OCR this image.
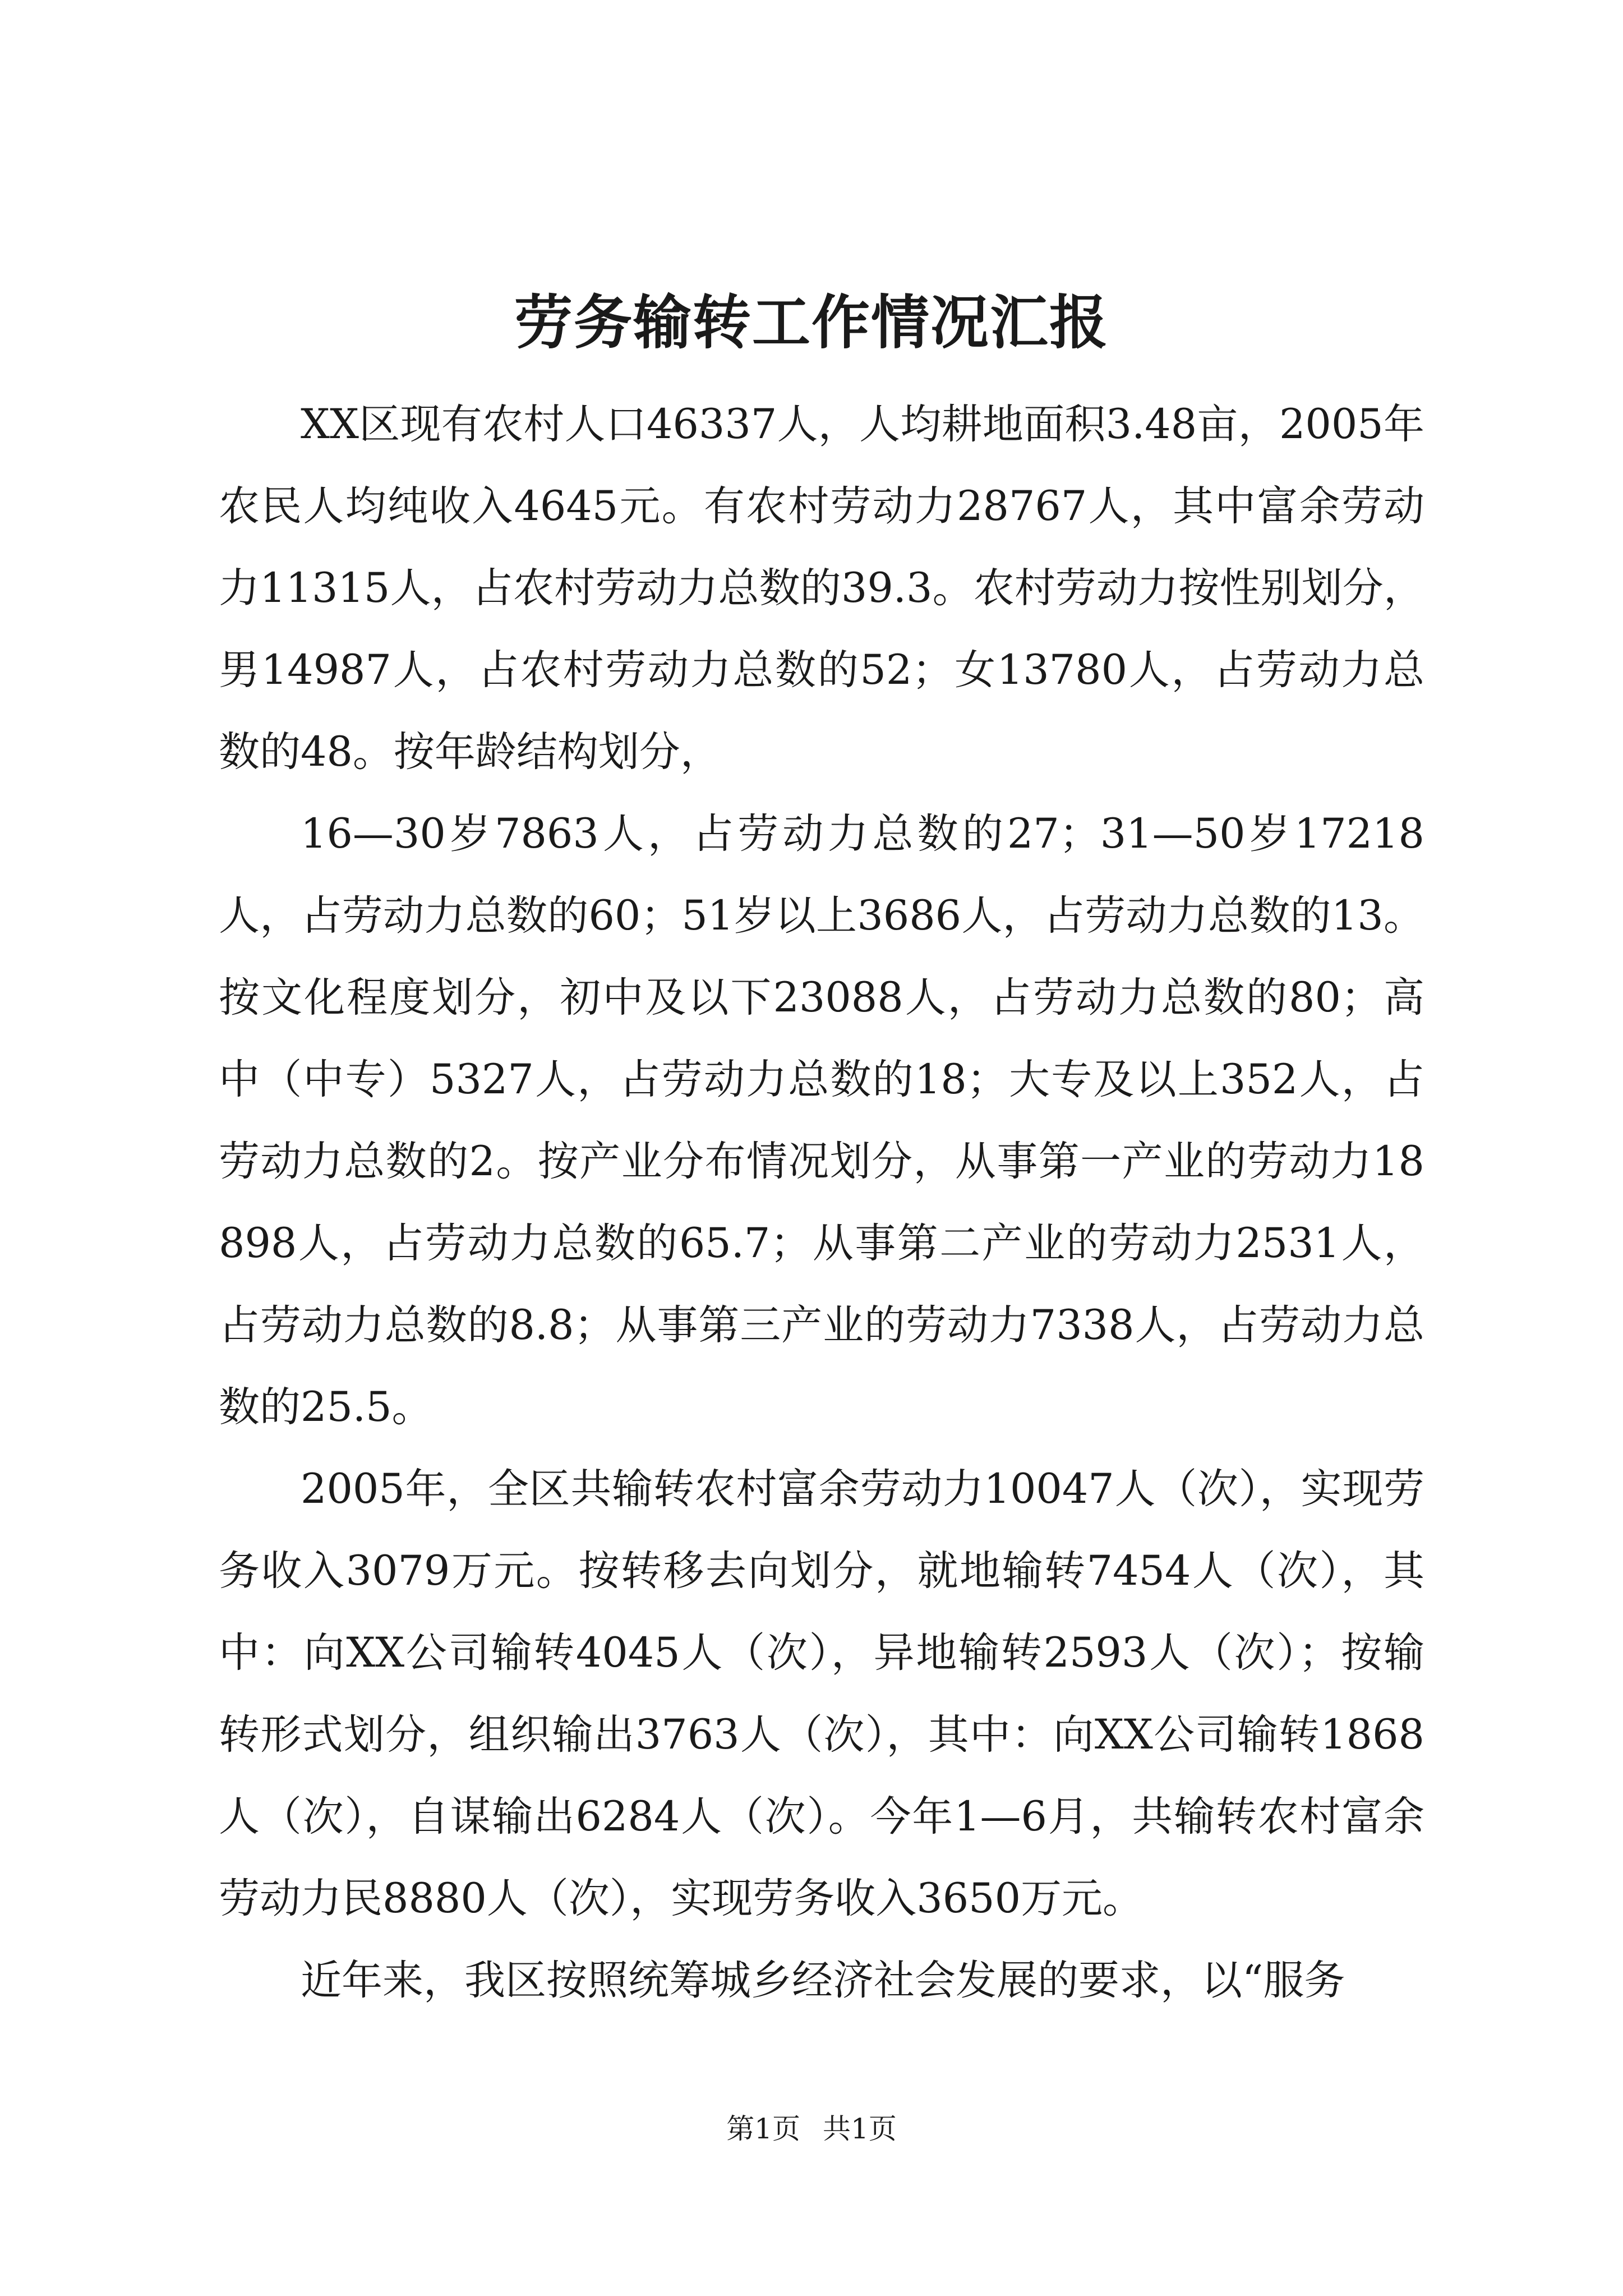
劳务输转工作情况汇报

XX区现有农村人口46337人，人均耕地面积3.48亩，2005年农民人均纯收入4645元。有农村劳动力28767人，其中富余劳动力11315人，占农村劳动力总数的39.3。农村劳动力按性别划分，男14987人，占农村劳动力总数的52；女13780人，占劳动力总数的48。按年龄结构划分，

16—30岁7863人，占劳动力总数的27；31—50岁17218人，占劳动力总数的60；51岁以上3686人，占劳动力总数的13。按文化程度划分，初中及以下23088人，占劳动力总数的80；高中（中专）5327人，占劳动力总数的18；大专及以上352人，占劳动力总数的2。按产业分布情况划分，从事第一产业的劳动力18898人，占劳动力总数的65.7；从事第二产业的劳动力2531人，占劳动力总数的8.8；从事第三产业的劳动力7338人，占劳动力总数的25.5。

2005年，全区共输转农村富余劳动力10047人（次），实现劳务收入3079万元。按转移去向划分，就地输转7454人（次），其中：向XX公司输转4045人（次），异地输转2593人（次）；按输转形式划分，组织输出3763人（次），其中：向XX公司输转1868人（次），自谋输出6284人（次）。今年1—6月，共输转农村富余劳动力民8880人（次），实现劳务收入3650万元。

近年来，我区按照统筹城乡经济社会发展的要求，以“服务

第1页 共1页
